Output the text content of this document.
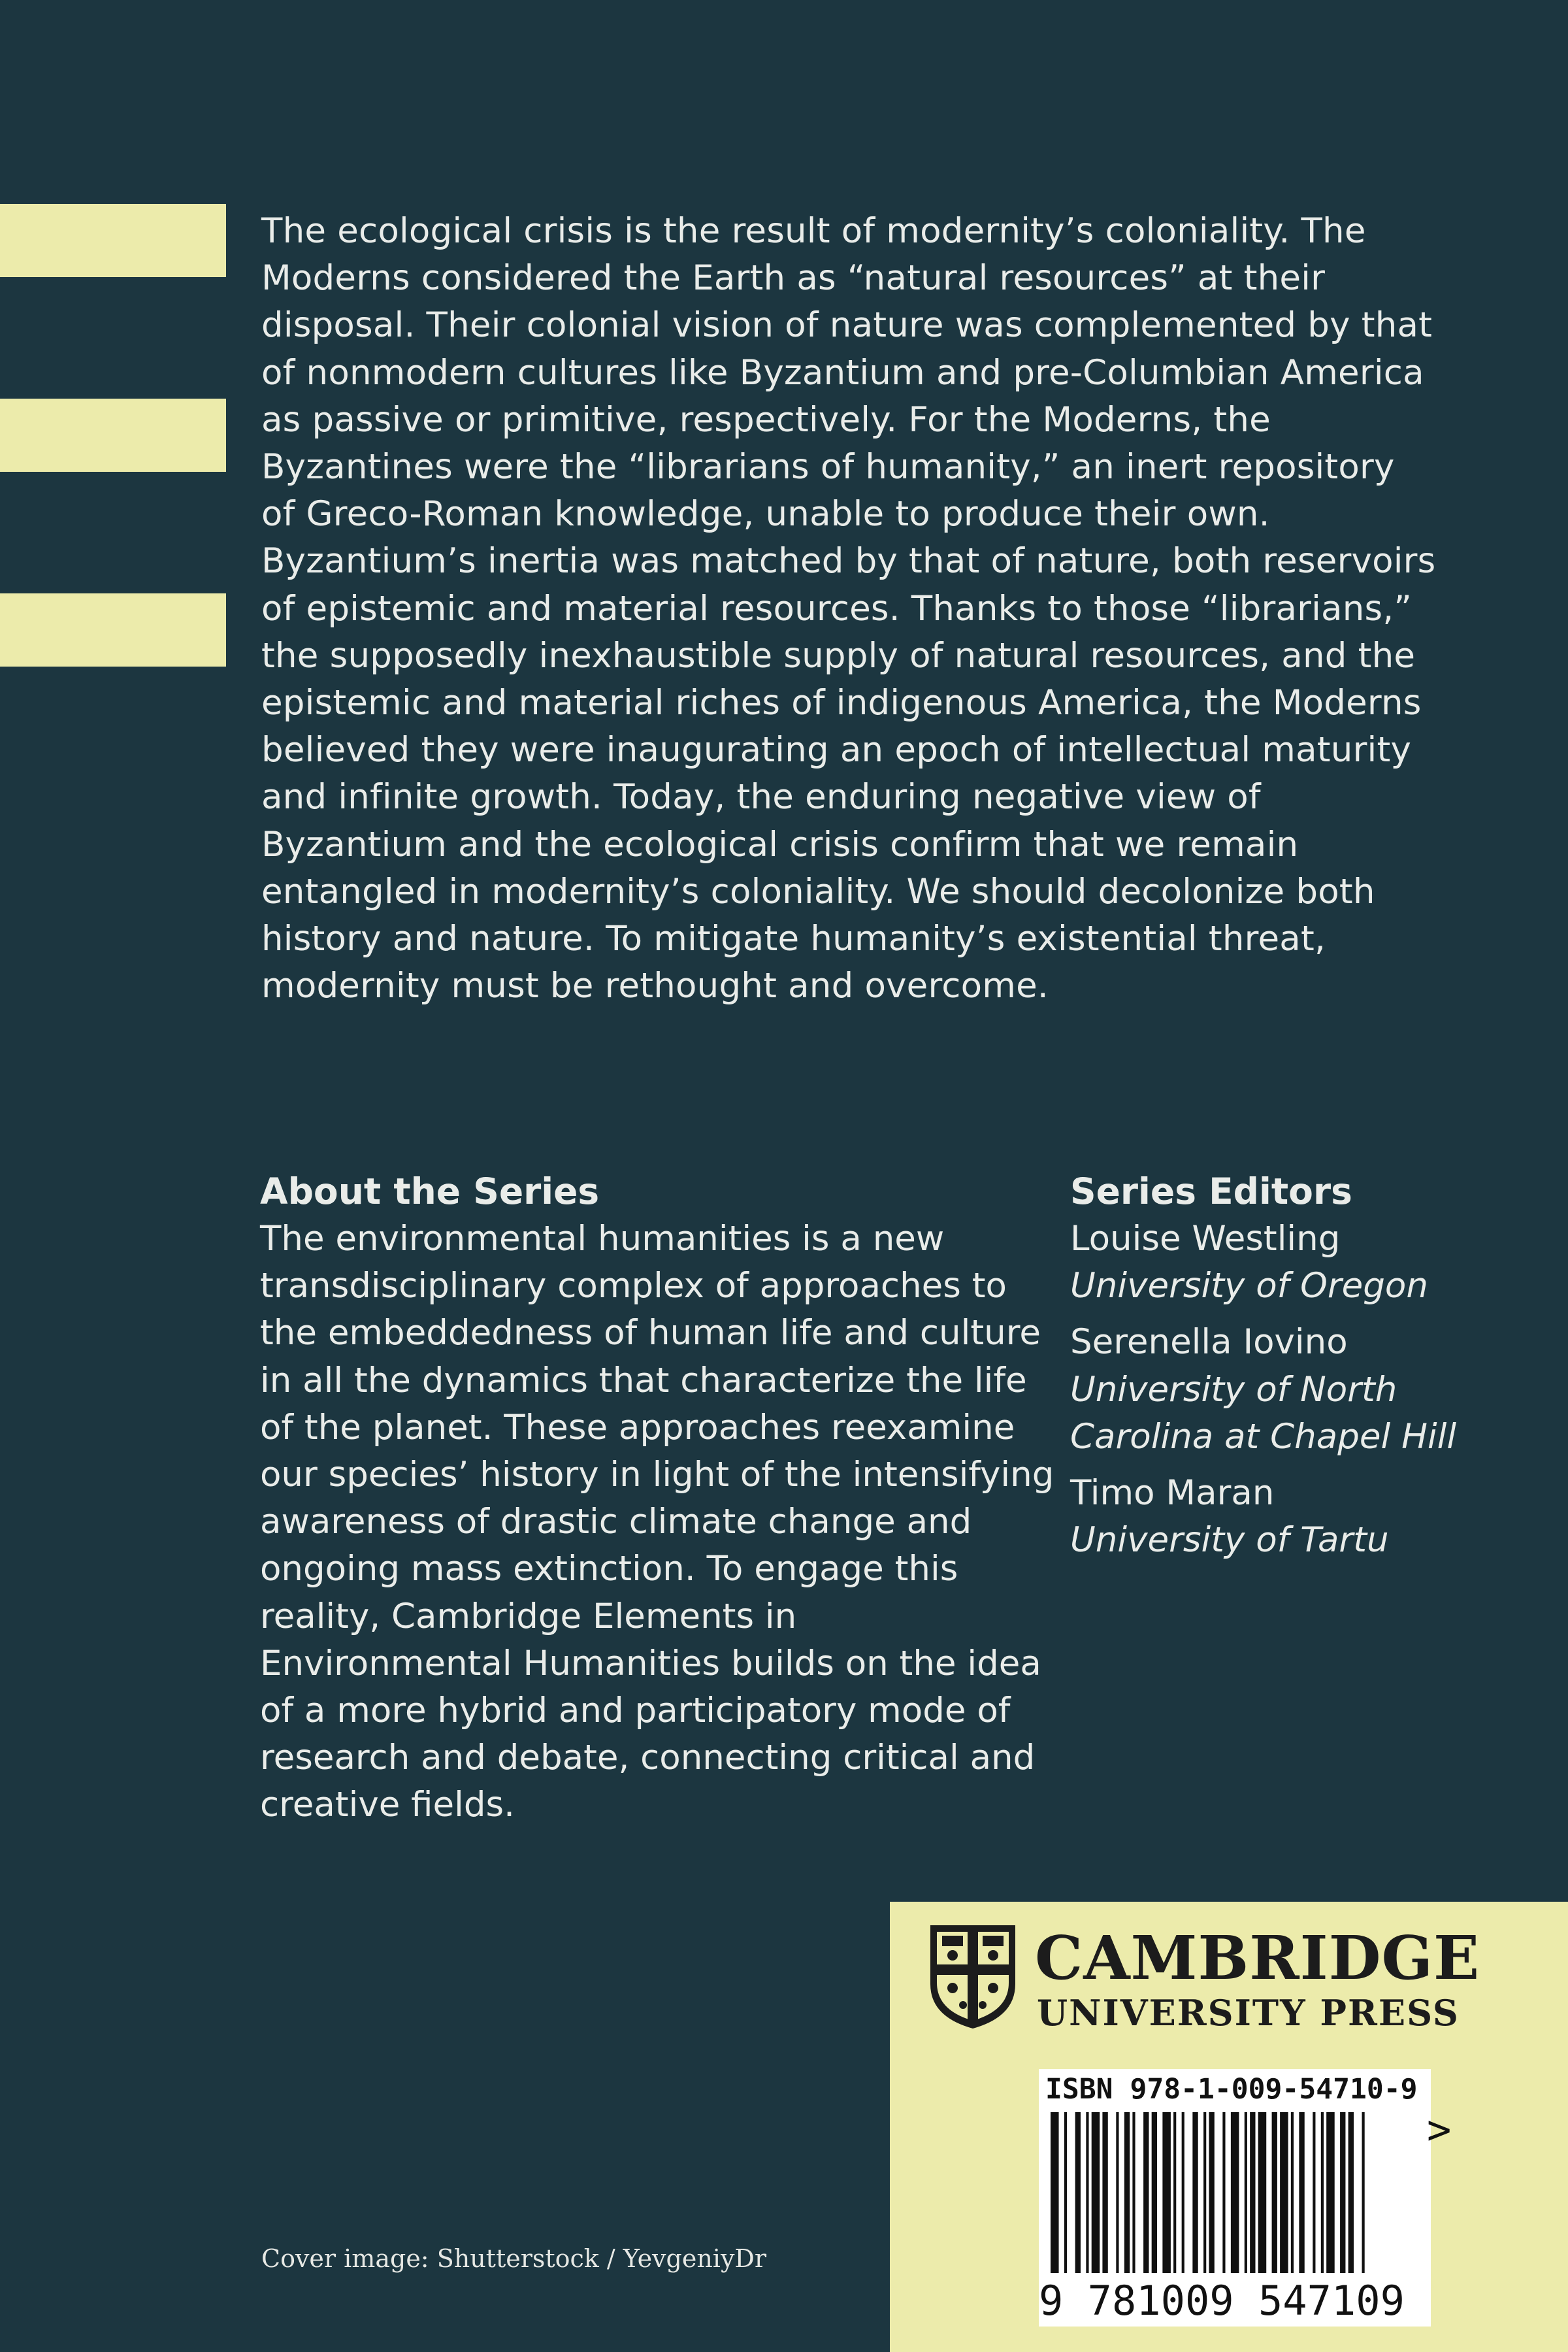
The ecological crisis is the result of modernity’s coloniality. The Moderns considered the Earth as “natural resources” at their disposal. Their colonial vision of nature was complemented by that of nonmodern cultures like Byzantium and pre-Columbian America as passive or primitive, respectively. For the Moderns, the Byzantines were the “librarians of humanity,” an inert repository of Greco-Roman knowledge, unable to produce their own. Byzantium’s inertia was matched by that of nature, both reservoirs of epistemic and material resources. Thanks to those “librarians,” the supposedly inexhaustible supply of natural resources, and the epistemic and material riches of indigenous America, the Moderns believed they were inaugurating an epoch of intellectual maturity and infinite growth. Today, the enduring negative view of Byzantium and the ecological crisis confirm that we remain entangled in modernity’s coloniality. We should decolonize both history and nature. To mitigate humanity’s existential threat, modernity must be rethought and overcome.

About the Series

The environmental humanities is a new transdisciplinary complex of approaches to the embeddedness of human life and culture in all the dynamics that characterize the life of the planet. These approaches reexamine our species’ history in light of the intensifying awareness of drastic climate change and ongoing mass extinction. To engage this reality, Cambridge Elements in Environmental Humanities builds on the idea of a more hybrid and participatory mode of research and debate, connecting critical and creative fields.

Series Editors
Louise Westling
University of Oregon
Serenella Iovino
University of North Carolina at Chapel Hill
Timo Maran
University of Tartu
Cover image: Shutterstock / YevgeniyDr
CAMBRIDGE
UNIVERSITY PRESS
ISBN 978-1-009-54710-9
9 781009 547109
>
